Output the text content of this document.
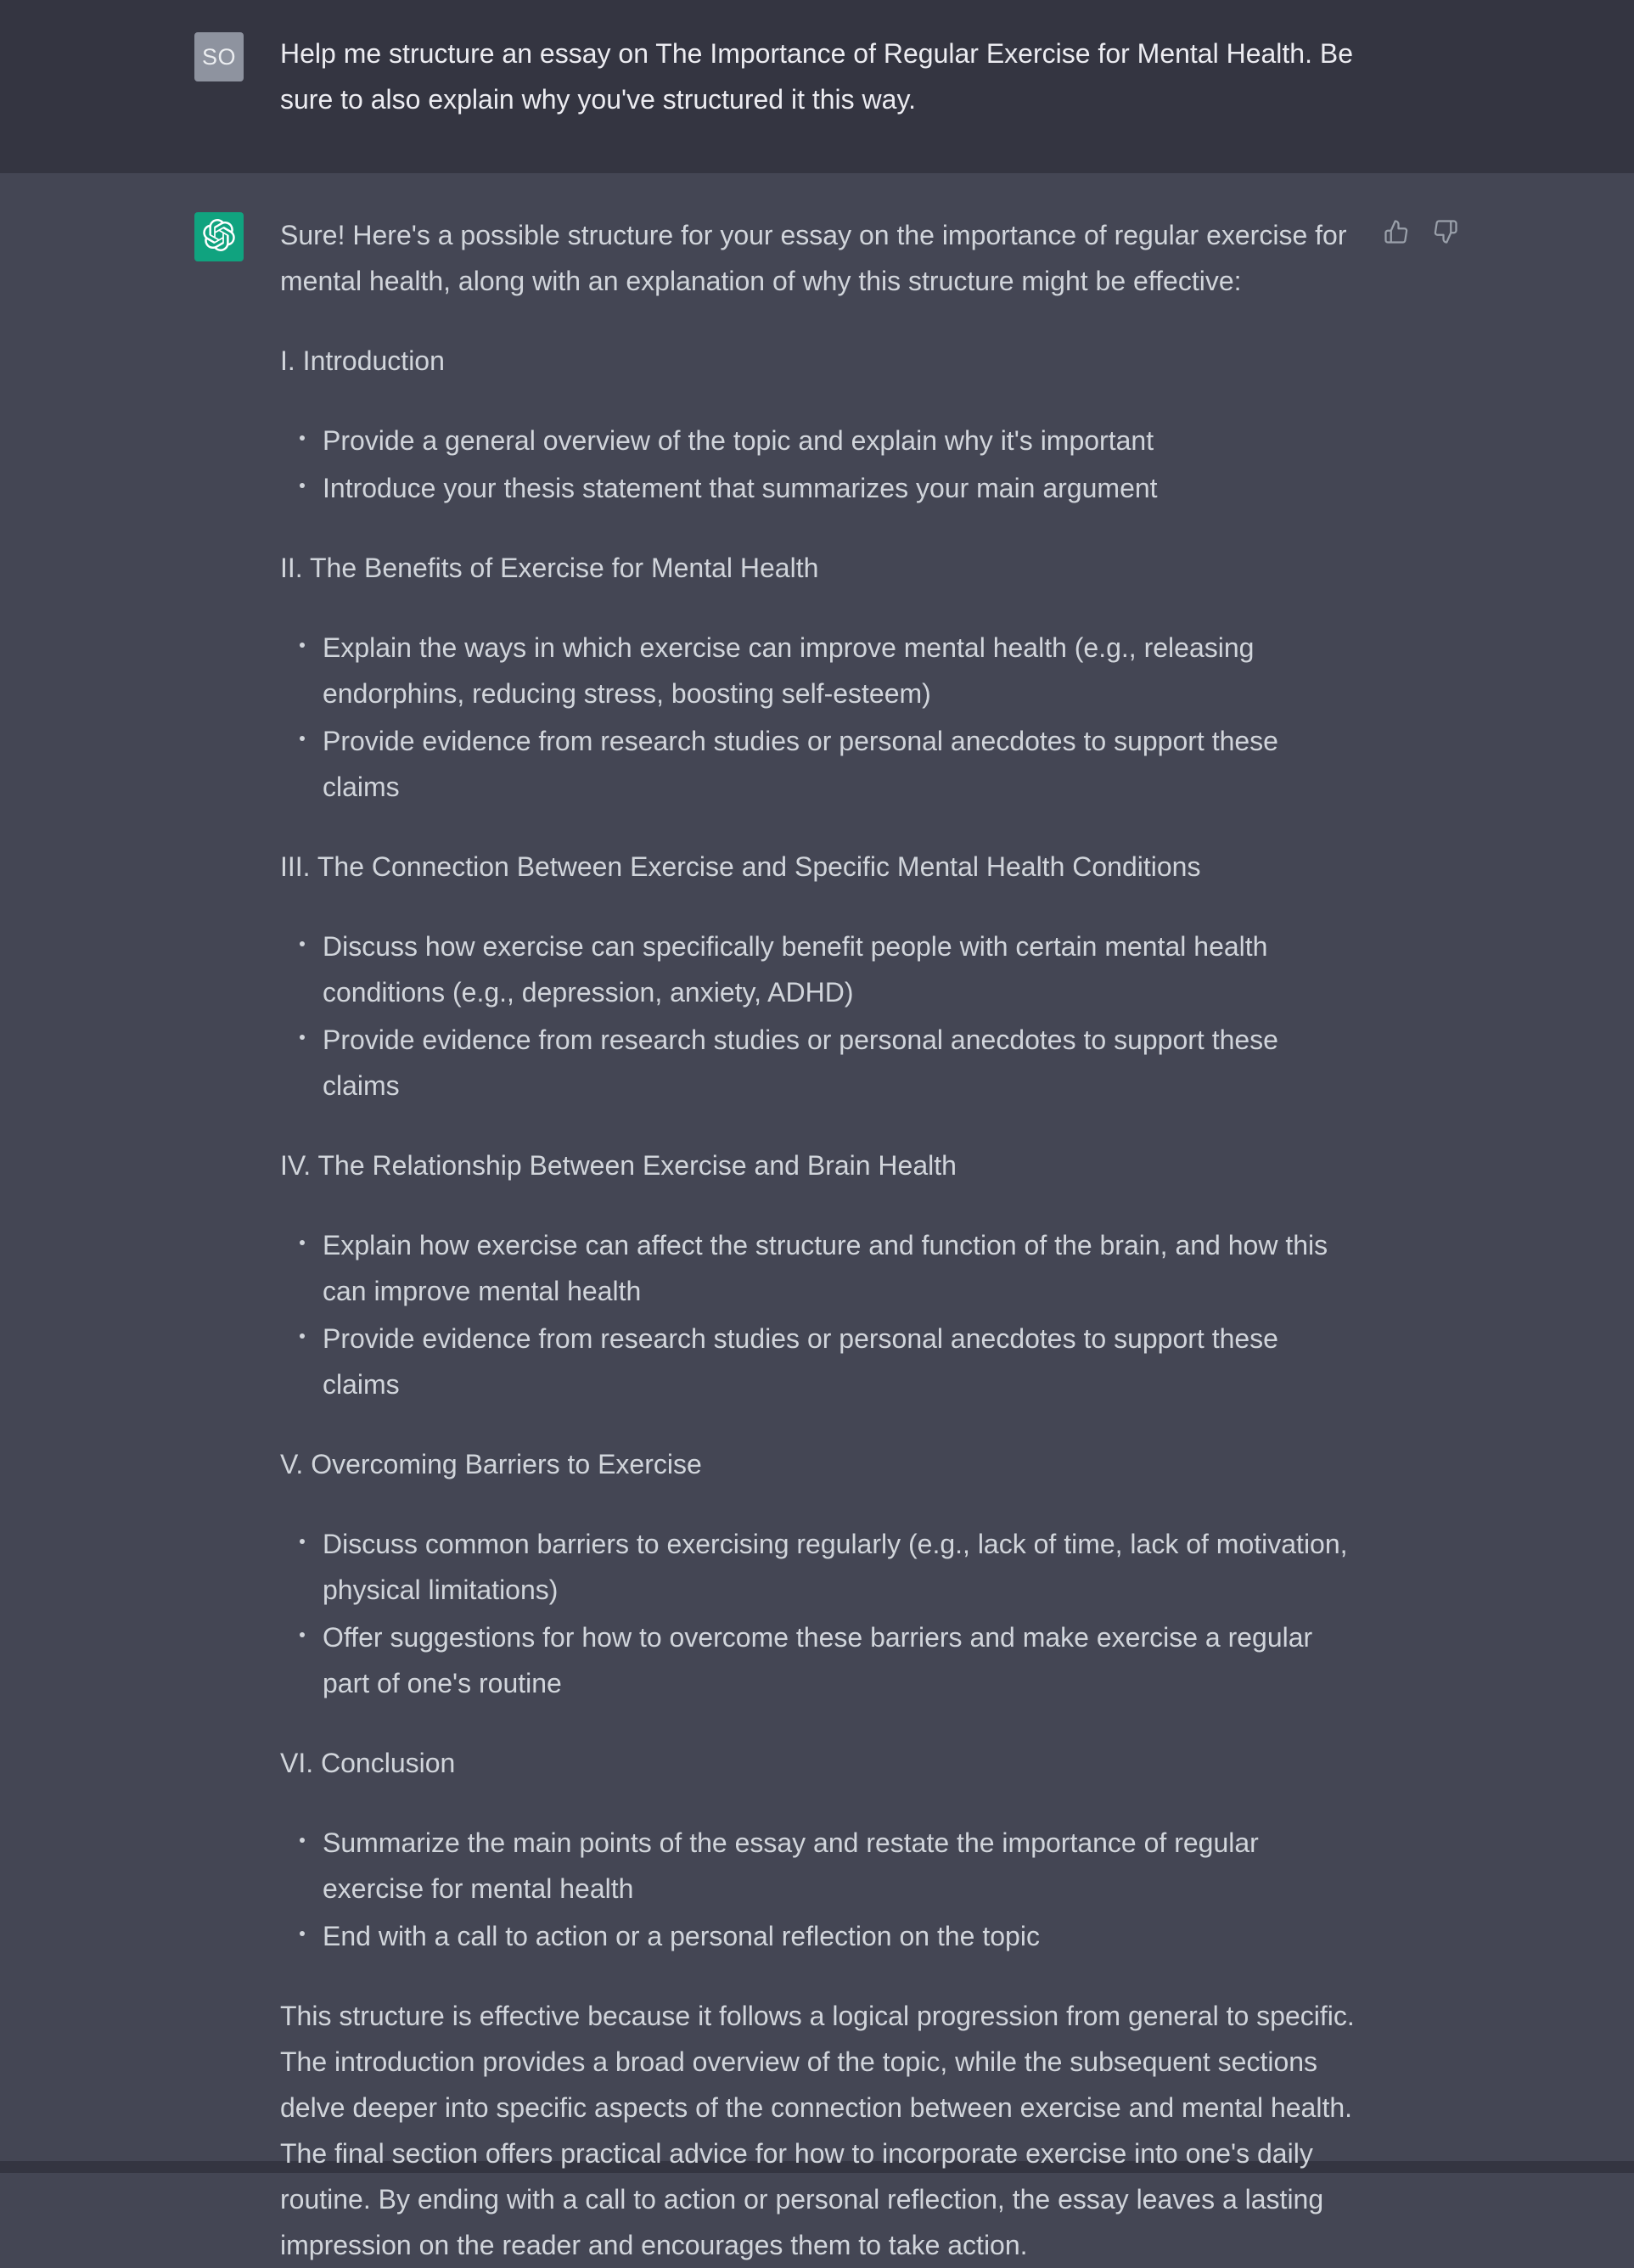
SO Help me structure an essay on The Importance of Regular Exercise for Mental Health. Be sure to also explain why you've structured it this way.

Sure! Here's a possible structure for your essay on the importance of regular exercise for mental health, along with an explanation of why this structure might be effective:

I. Introduction

Provide a general overview of the topic and explain why it's important
Introduce your thesis statement that summarizes your main argument

II. The Benefits of Exercise for Mental Health

Explain the ways in which exercise can improve mental health (e.g., releasing endorphins, reducing stress, boosting self-esteem)
Provide evidence from research studies or personal anecdotes to support these claims

III. The Connection Between Exercise and Specific Mental Health Conditions

Discuss how exercise can specifically benefit people with certain mental health conditions (e.g., depression, anxiety, ADHD)
Provide evidence from research studies or personal anecdotes to support these claims

IV. The Relationship Between Exercise and Brain Health

Explain how exercise can affect the structure and function of the brain, and how this can improve mental health
Provide evidence from research studies or personal anecdotes to support these claims

V. Overcoming Barriers to Exercise

Discuss common barriers to exercising regularly (e.g., lack of time, lack of motivation, physical limitations)
Offer suggestions for how to overcome these barriers and make exercise a regular part of one's routine

VI. Conclusion

Summarize the main points of the essay and restate the importance of regular exercise for mental health
End with a call to action or a personal reflection on the topic

This structure is effective because it follows a logical progression from general to specific. The introduction provides a broad overview of the topic, while the subsequent sections delve deeper into specific aspects of the connection between exercise and mental health. The final section offers practical advice for how to incorporate exercise into one's daily routine. By ending with a call to action or personal reflection, the essay leaves a lasting impression on the reader and encourages them to take action.
